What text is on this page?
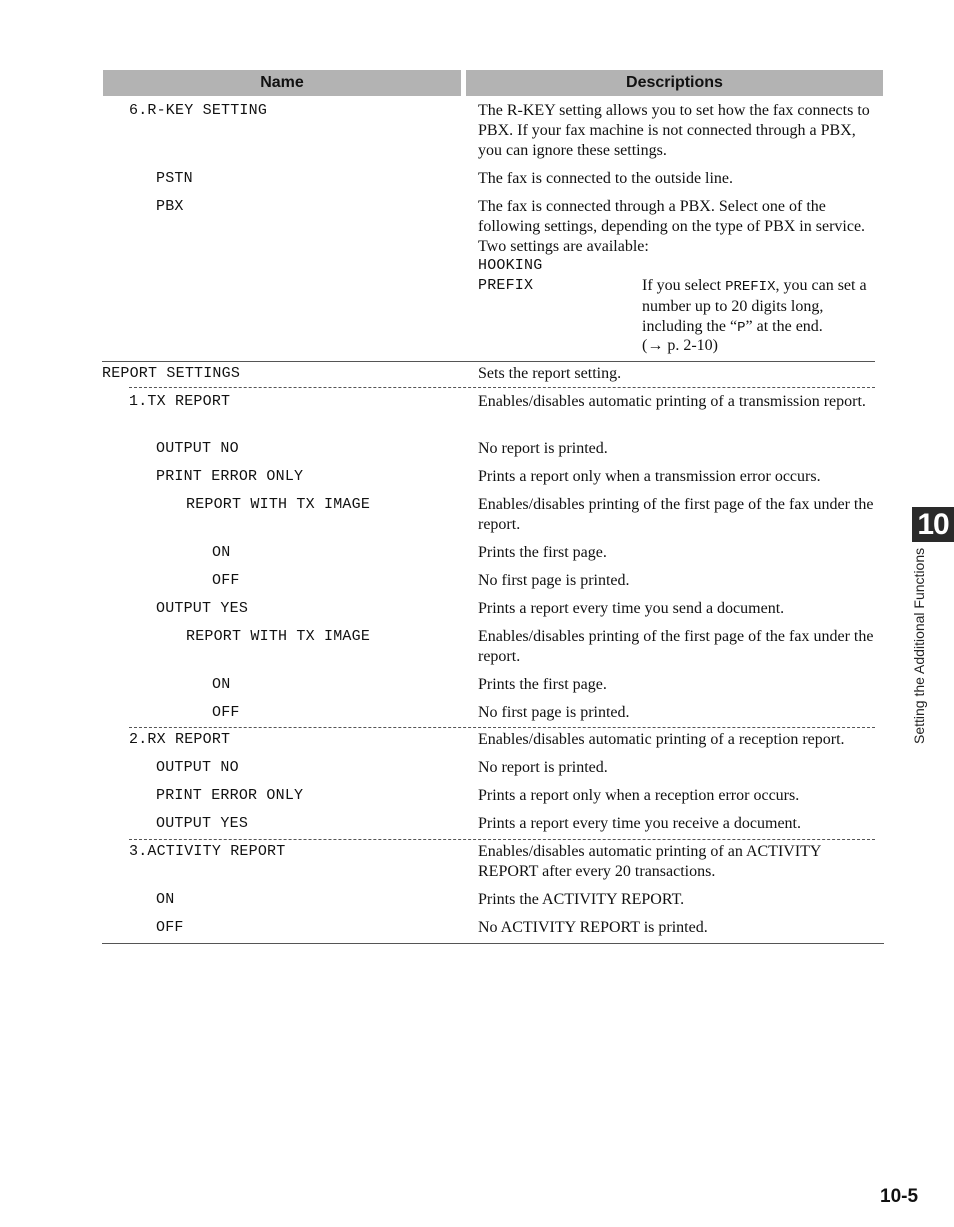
Name	Descriptions
6.R-KEY SETTING	The R-KEY setting allows you to set how the fax connects to PBX. If your fax machine is not connected through a PBX, you can ignore these settings.
PSTN	The fax is connected to the outside line.
PBX	The fax is connected through a PBX. Select one of the following settings, depending on the type of PBX in service. Two settings are available:
HOOKING
PREFIX	If you select PREFIX, you can set a number up to 20 digits long, including the “P” at the end.
(→ p. 2-10)
REPORT SETTINGS	Sets the report setting.
1.TX REPORT	Enables/disables automatic printing of a transmission report.
OUTPUT NO	No report is printed.
PRINT ERROR ONLY	Prints a report only when a transmission error occurs.
REPORT WITH TX IMAGE	Enables/disables printing of the first page of the fax under the report.
ON	Prints the first page.
OFF	No first page is printed.
OUTPUT YES	Prints a report every time you send a document.
REPORT WITH TX IMAGE	Enables/disables printing of the first page of the fax under the report.
ON	Prints the first page.
OFF	No first page is printed.
2.RX REPORT	Enables/disables automatic printing of a reception report.
OUTPUT NO	No report is printed.
PRINT ERROR ONLY	Prints a report only when a reception error occurs.
OUTPUT YES	Prints a report every time you receive a document.
3.ACTIVITY REPORT	Enables/disables automatic printing of an ACTIVITY REPORT after every 20 transactions.
ON	Prints the ACTIVITY REPORT.
OFF	No ACTIVITY REPORT is printed.
10
Setting the Additional Functions
10-5
